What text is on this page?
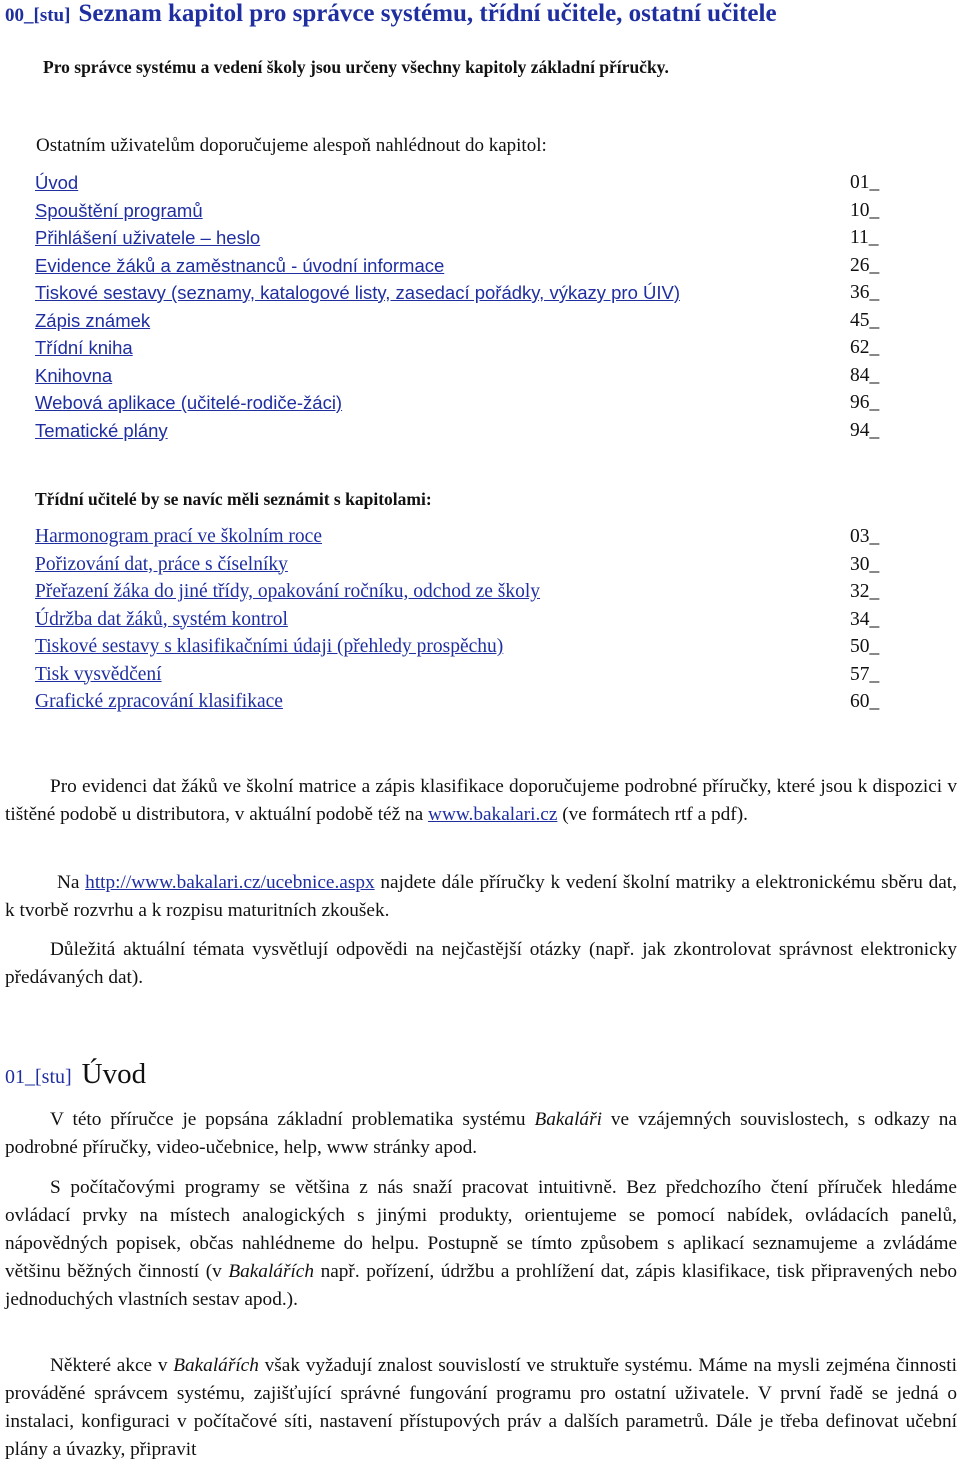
00_[stu] Seznam kapitol pro správce systému, třídní učitele, ostatní učitele
Pro správce systému a vedení školy jsou určeny všechny kapitoly základní příručky.
Ostatním uživatelům doporučujeme alespoň nahlédnout do kapitol:
Úvod	01_
Spouštění programů	10_
Přihlášení uživatele – heslo	11_
Evidence žáků a zaměstnanců - úvodní informace	26_
Tiskové sestavy (seznamy, katalogové listy, zasedací pořádky, výkazy pro ÚIV)	36_
Zápis známek	45_
Třídní kniha	62_
Knihovna	84_
Webová aplikace (učitelé-rodiče-žáci)	96_
Tematické plány	94_
Třídní učitelé by se navíc měli seznámit s kapitolami:
Harmonogram prací ve školním roce	03_
Pořizování dat, práce s číselníky	30_
Přeřazení žáka do jiné třídy, opakování ročníku, odchod ze školy	32_
Údržba dat žáků, systém kontrol	34_
Tiskové sestavy s klasifikačními údaji (přehledy prospěchu)	50_
Tisk vysvědčení	57_
Grafické zpracování klasifikace	60_
Pro evidenci dat žáků ve školní matrice a zápis klasifikace doporučujeme podrobné příručky, které jsou k dispozici v tištěné podobě u distributora, v aktuální podobě též na www.bakalari.cz (ve formátech rtf a pdf).
Na http://www.bakalari.cz/ucebnice.aspx najdete dále příručky k vedení školní matriky a elektronickému sběru dat, k tvorbě rozvrhu a k rozpisu maturitních zkoušek.
Důležitá aktuální témata vysvětlují odpovědi na nejčastější otázky (např. jak zkontrolovat správnost elektronicky předávaných dat).
01_[stu] Úvod
V této příručce je popsána základní problematika systému Bakaláři ve vzájemných souvislostech, s odkazy na podrobné příručky, video-učebnice, help, www stránky apod.
S počítačovými programy se většina z nás snaží pracovat intuitivně. Bez předchozího čtení příruček hledáme ovládací prvky na místech analogických s jinými produkty, orientujeme se pomocí nabídek, ovládacích panelů, nápovědných popisek, občas nahlédneme do helpu. Postupně se tímto způsobem s aplikací seznamujeme a zvládáme většinu běžných činností (v Bakalářích např. pořízení, údržbu a prohlížení dat, zápis klasifikace, tisk připravených nebo jednoduchých vlastních sestav apod.).
Některé akce v Bakalářích však vyžadují znalost souvislostí ve struktuře systému. Máme na mysli zejména činnosti prováděné správcem systému, zajišťující správné fungování programu pro ostatní uživatele. V první řadě se jedná o instalaci, konfiguraci v počítačové síti, nastavení přístupových práv a dalších parametrů. Dále je třeba definovat učební plány a úvazky, připravit
